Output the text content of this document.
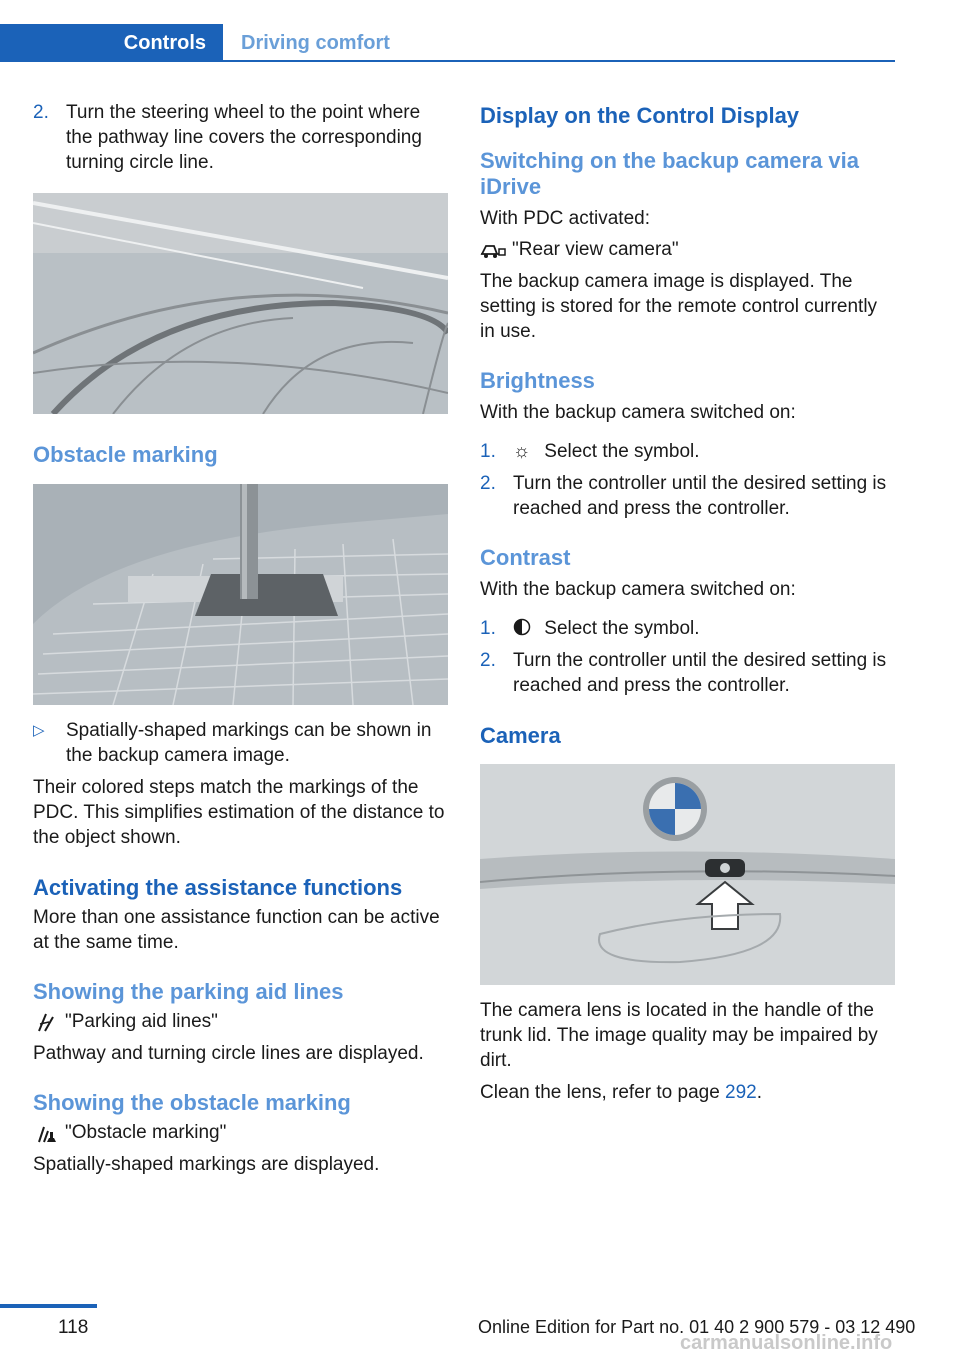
Controls	Driving comfort

2. Turn the steering wheel to the point where the pathway line covers the corresponding turning circle line.

Obstacle marking

▷ Spatially-shaped markings can be shown in the backup camera image.

Their colored steps match the markings of the PDC. This simplifies estimation of the distance to the object shown.

Activating the assistance functions

More than one assistance function can be active at the same time.

Showing the parking aid lines

"Parking aid lines"

Pathway and turning circle lines are displayed.

Showing the obstacle marking

"Obstacle marking"

Spatially-shaped markings are displayed.

Display on the Control Display
Switching on the backup camera via iDrive

With PDC activated:

"Rear view camera"

The backup camera image is displayed. The setting is stored for the remote control currently in use.

Brightness

With the backup camera switched on:

1. ☼ Select the symbol.

2. Turn the controller until the desired setting is reached and press the controller.

Contrast

With the backup camera switched on:

1.	Select the symbol.

2. Turn the controller until the desired setting is reached and press the controller.

Camera

The camera lens is located in the handle of the trunk lid. The image quality may be impaired by dirt.

Clean the lens, refer to page 292.

118	Online Edition for Part no. 01 40 2 900 579 - 03 12 490
carmanualsonline.info
